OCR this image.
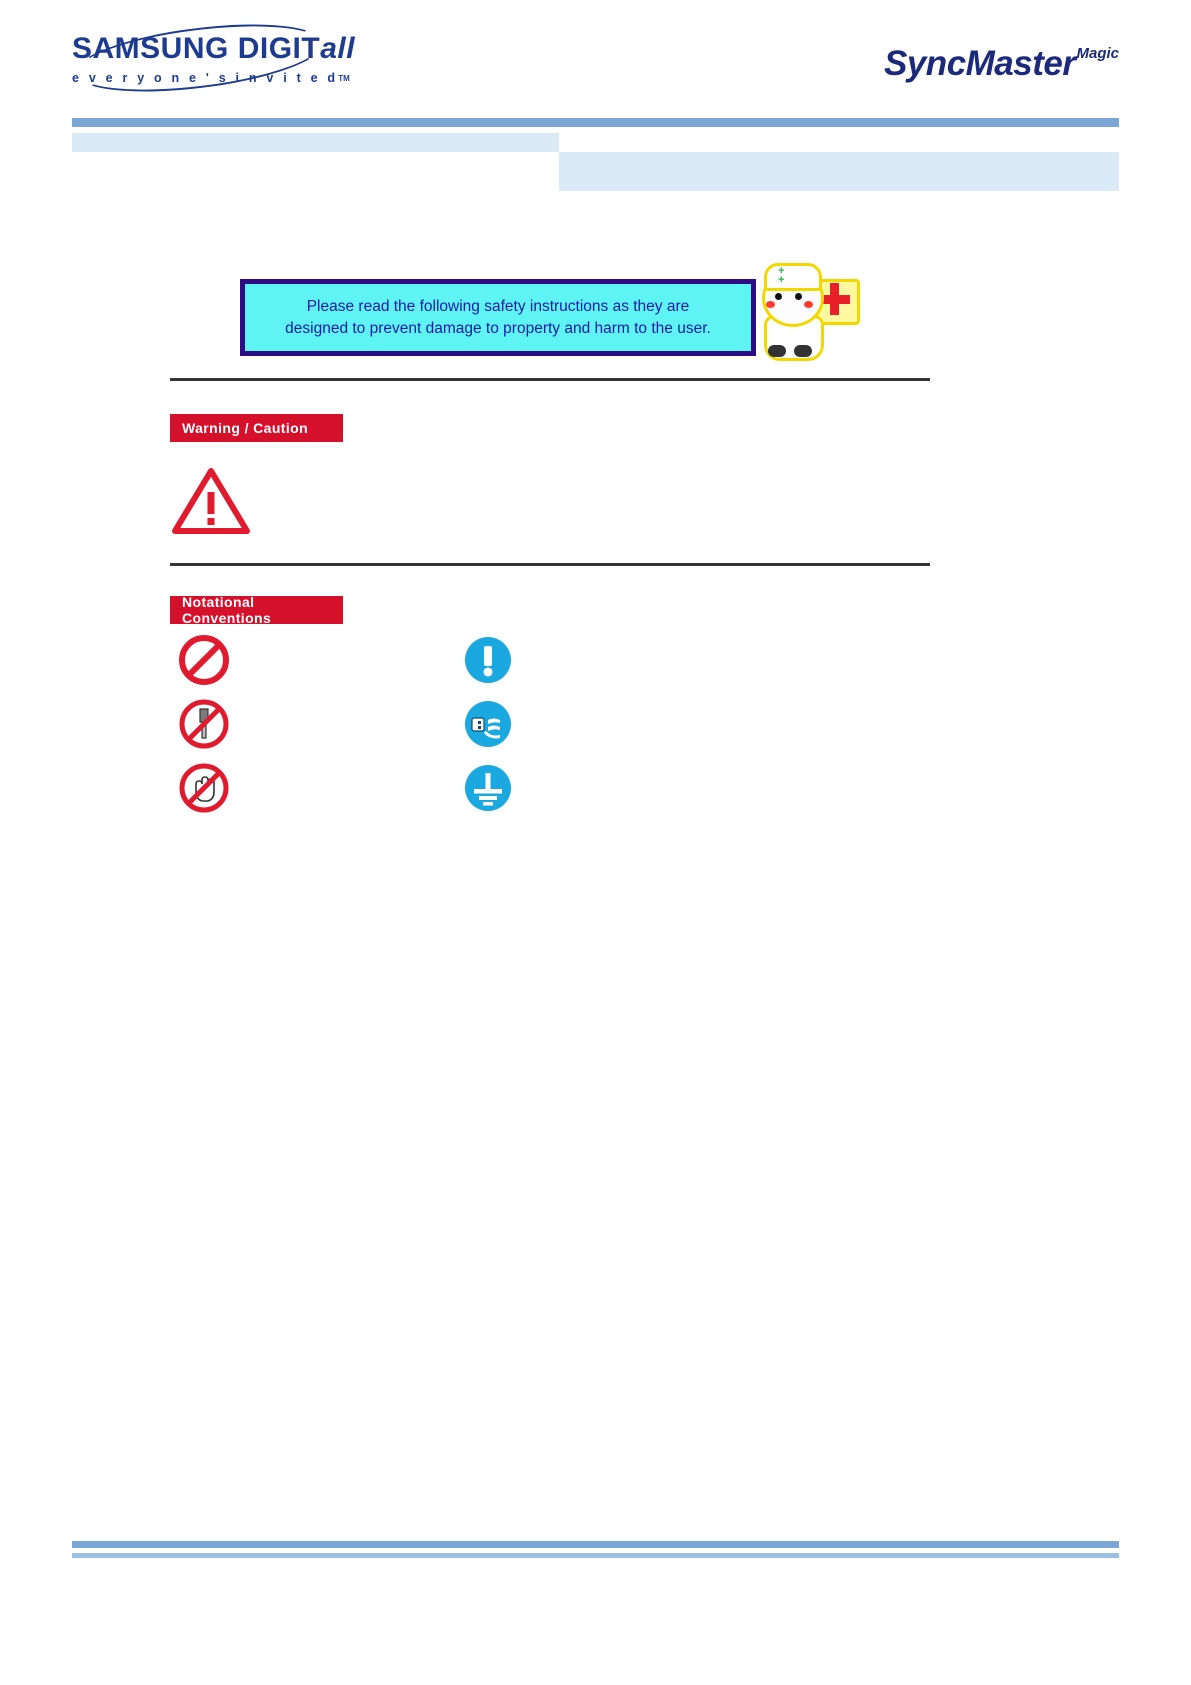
SAMSUNG DIGITall
e v e r y o n e ' s i n v i t e dTM	SyncMasterMagic
Please read the following safety instructions as they are
designed to prevent damage to property and harm to the user.
+ +
Warning / Caution
Notational Conventions
